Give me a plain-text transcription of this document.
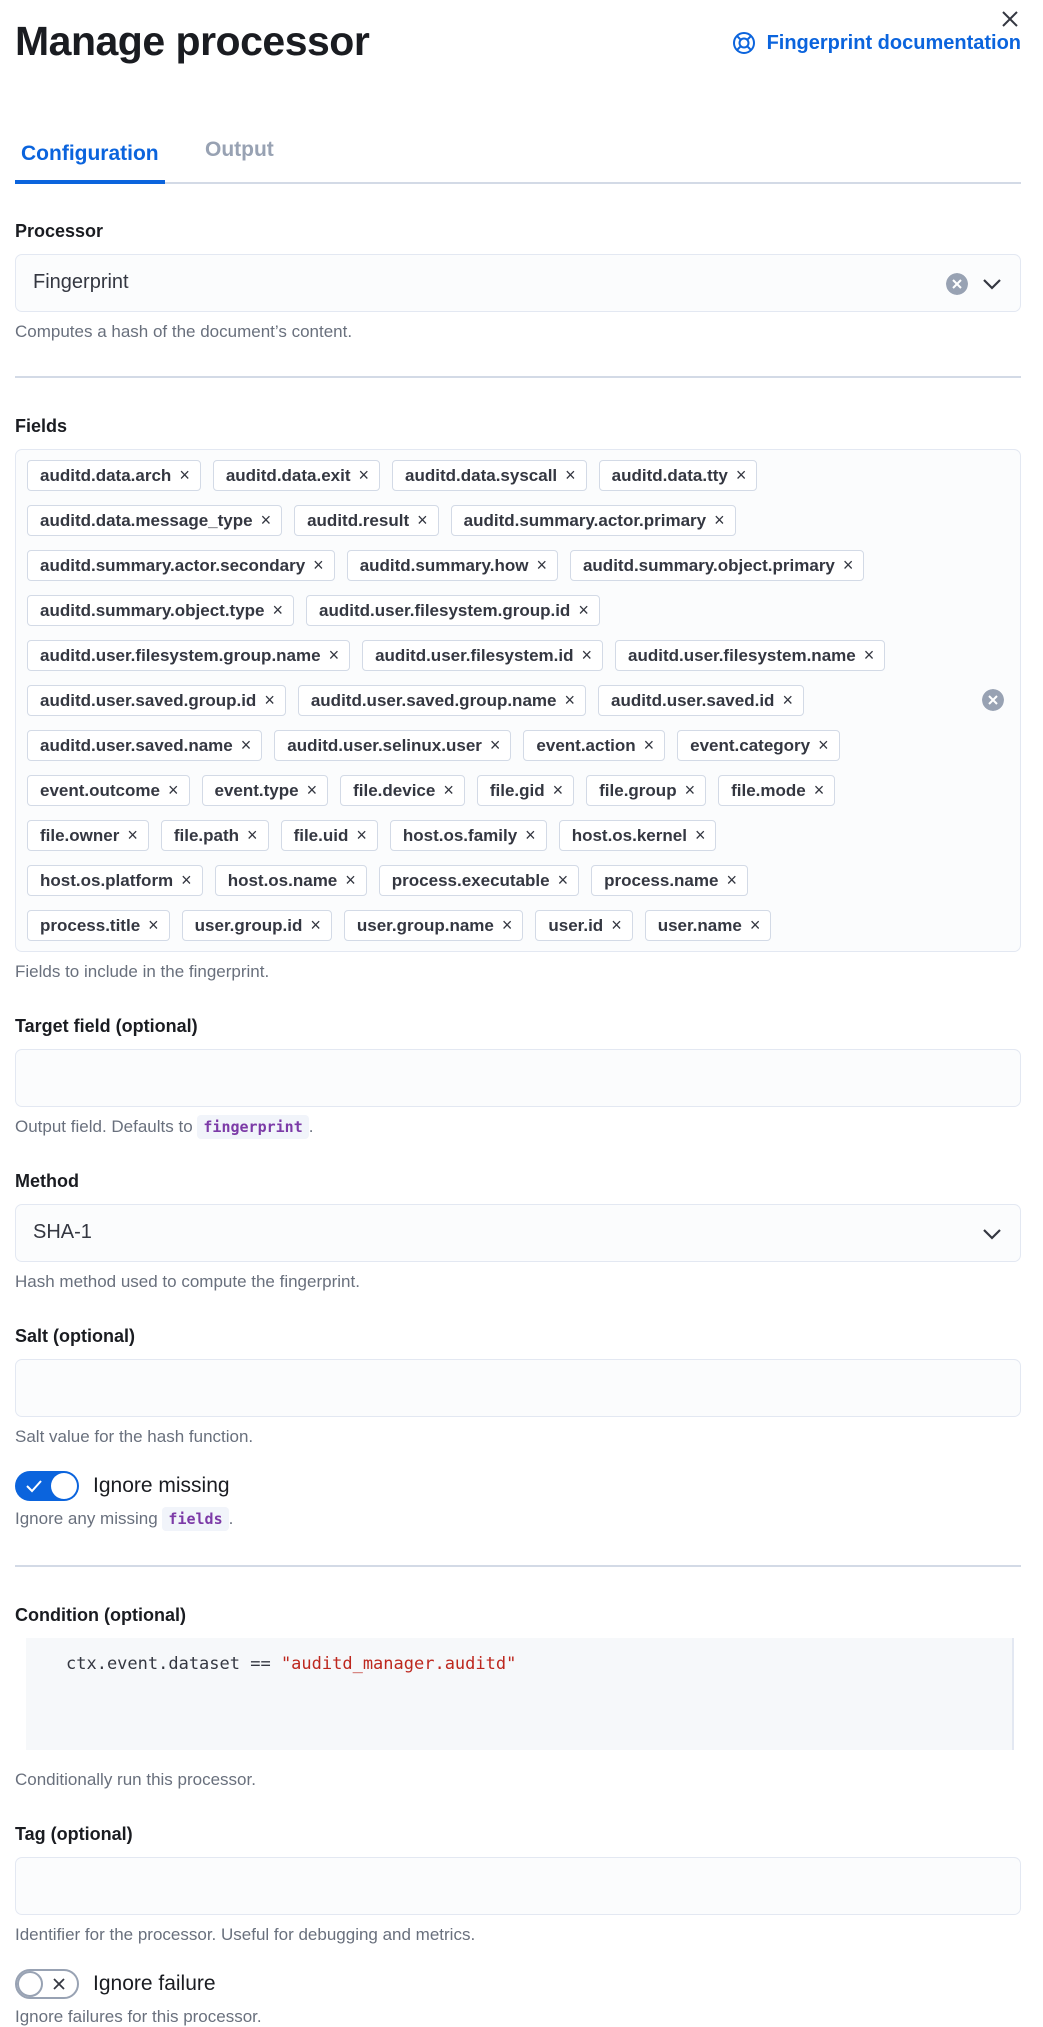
Manage processor	Fingerprint documentation
Configuration Output
Processor
Fingerprint
Computes a hash of the document’s content.
Fields
auditd.data.arch × auditd.data.exit × auditd.data.syscall × auditd.data.tty ×
auditd.data.message_type × auditd.result × auditd.summary.actor.primary ×
auditd.summary.actor.secondary × auditd.summary.how × auditd.summary.object.primary ×
auditd.summary.object.type × auditd.user.filesystem.group.id ×
auditd.user.filesystem.group.name × auditd.user.filesystem.id × auditd.user.filesystem.name ×
auditd.user.saved.group.id × auditd.user.saved.group.name × auditd.user.saved.id ×
auditd.user.saved.name × auditd.user.selinux.user × event.action × event.category ×
event.outcome × event.type × file.device × file.gid × file.group × file.mode ×
file.owner × file.path × file.uid × host.os.family × host.os.kernel ×
host.os.platform × host.os.name × process.executable × process.name ×
process.title × user.group.id × user.group.name × user.id × user.name ×
Fields to include in the fingerprint.
Target field (optional)
Output field. Defaults to fingerprint .
Method
SHA-1
Hash method used to compute the fingerprint.
Salt (optional)
Salt value for the hash function.
Ignore missing
Ignore any missing fields .
Condition (optional)
ctx.event.dataset == "auditd_manager.auditd"
Conditionally run this processor.
Tag (optional)
Identifier for the processor. Useful for debugging and metrics.
Ignore failure
Ignore failures for this processor.
